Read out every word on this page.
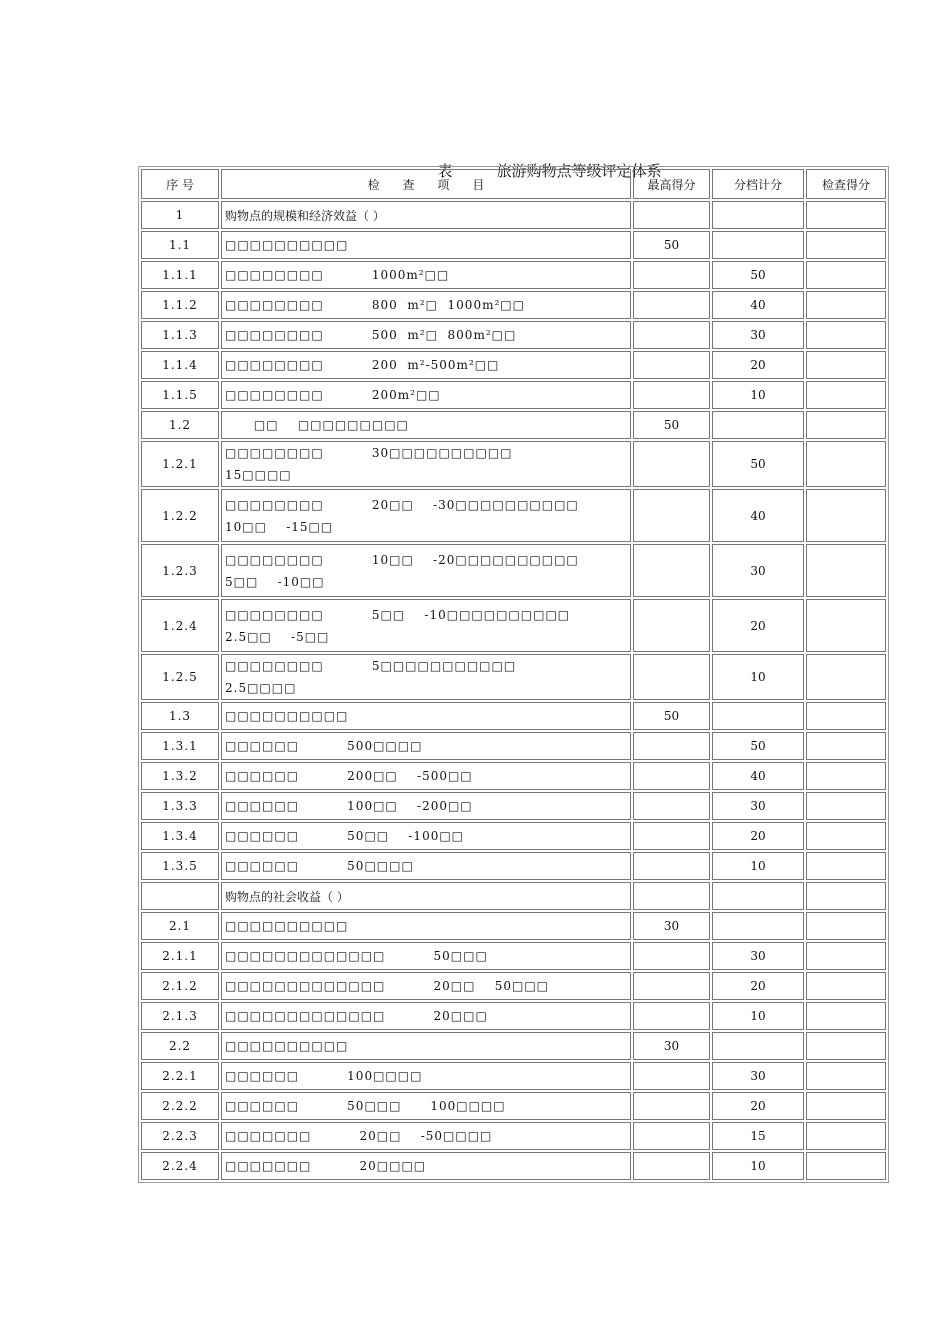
表	旅游购物点等级评定体系

序 号	检      查      项      目	最高得分	分档计分	检查得分
1	购物点的规模和经济效益（ ）			
1.1	□□□□□□□□□□	50		
1.1.1	□□□□□□□□          1000m²□□		50	
1.1.2	□□□□□□□□          800  m²□  1000m²□□		40	
1.1.3	□□□□□□□□          500  m²□  800m²□□		30	
1.1.4	□□□□□□□□          200  m²-500m²□□		20	
1.1.5	□□□□□□□□          200m²□□		10	
1.2	□□    □□□□□□□□□	50		
1.2.1	□□□□□□□□          30□□□□□□□□□□          15□□□□		50	
1.2.2	□□□□□□□□          20□□    -30□□□□□□□□□□          10□□    -15□□		40	
1.2.3	□□□□□□□□          10□□    -20□□□□□□□□□□          5□□    -10□□		30	
1.2.4	□□□□□□□□          5□□    -10□□□□□□□□□□          2.5□□    -5□□		20	
1.2.5	□□□□□□□□          5□□□□□□□□□□□          2.5□□□□		10	
1.3	□□□□□□□□□□	50		
1.3.1	□□□□□□          500□□□□		50	
1.3.2	□□□□□□          200□□    -500□□		40	
1.3.3	□□□□□□          100□□    -200□□		30	
1.3.4	□□□□□□          50□□    -100□□		20	
1.3.5	□□□□□□          50□□□□		10	
	购物点的社会收益（ ）			
2.1	□□□□□□□□□□	30		
2.1.1	□□□□□□□□□□□□□          50□□□		30	
2.1.2	□□□□□□□□□□□□□          20□□    50□□□		20	
2.1.3	□□□□□□□□□□□□□          20□□□		10	
2.2	□□□□□□□□□□	30		
2.2.1	□□□□□□          100□□□□		30	
2.2.2	□□□□□□          50□□□      100□□□□		20	
2.2.3	□□□□□□□          20□□    -50□□□□		15	
2.2.4	□□□□□□□          20□□□□		10	
